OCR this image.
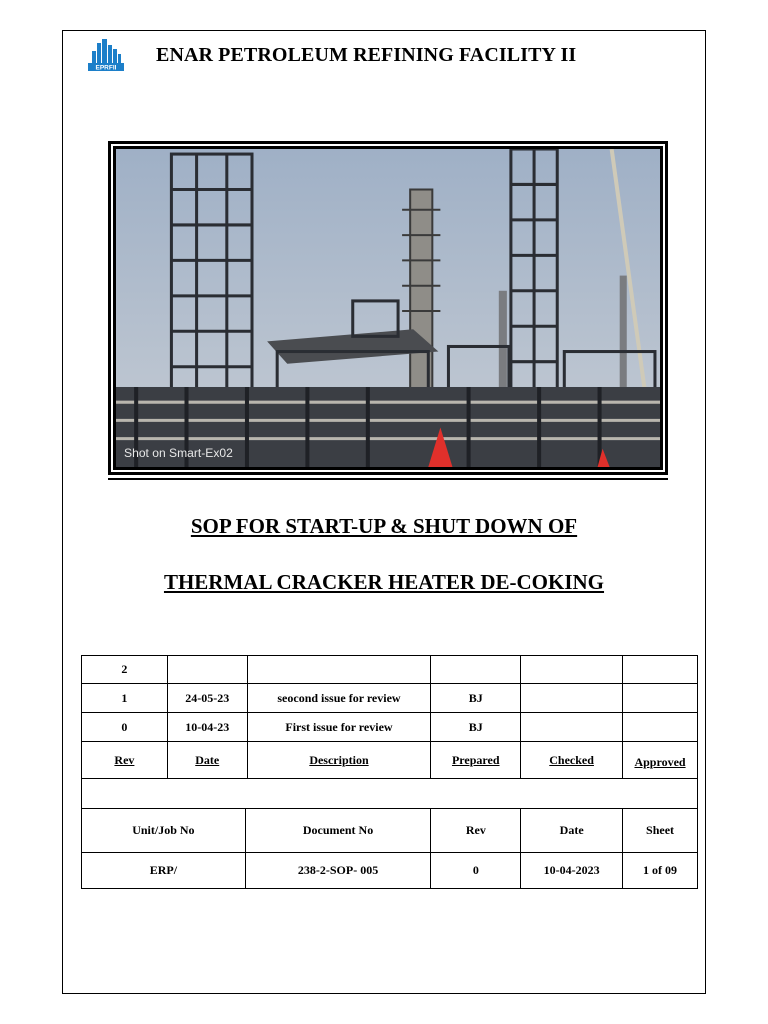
EPRFII
ENAR PETROLEUM REFINING FACILITY II
Shot on Smart-Ex02
SOP FOR START-UP & SHUT DOWN OF
THERMAL CRACKER HEATER DE-COKING
2					
1	24-05-23	seocond issue for review	BJ		
0	10-04-23	First issue for review	BJ		
Rev	Date	Description	Prepared	Checked	Approved

Unit/Job No	Document No	Rev	Date	Sheet
ERP/	238-2-SOP- 005	0	10-04-2023	1 of 09
